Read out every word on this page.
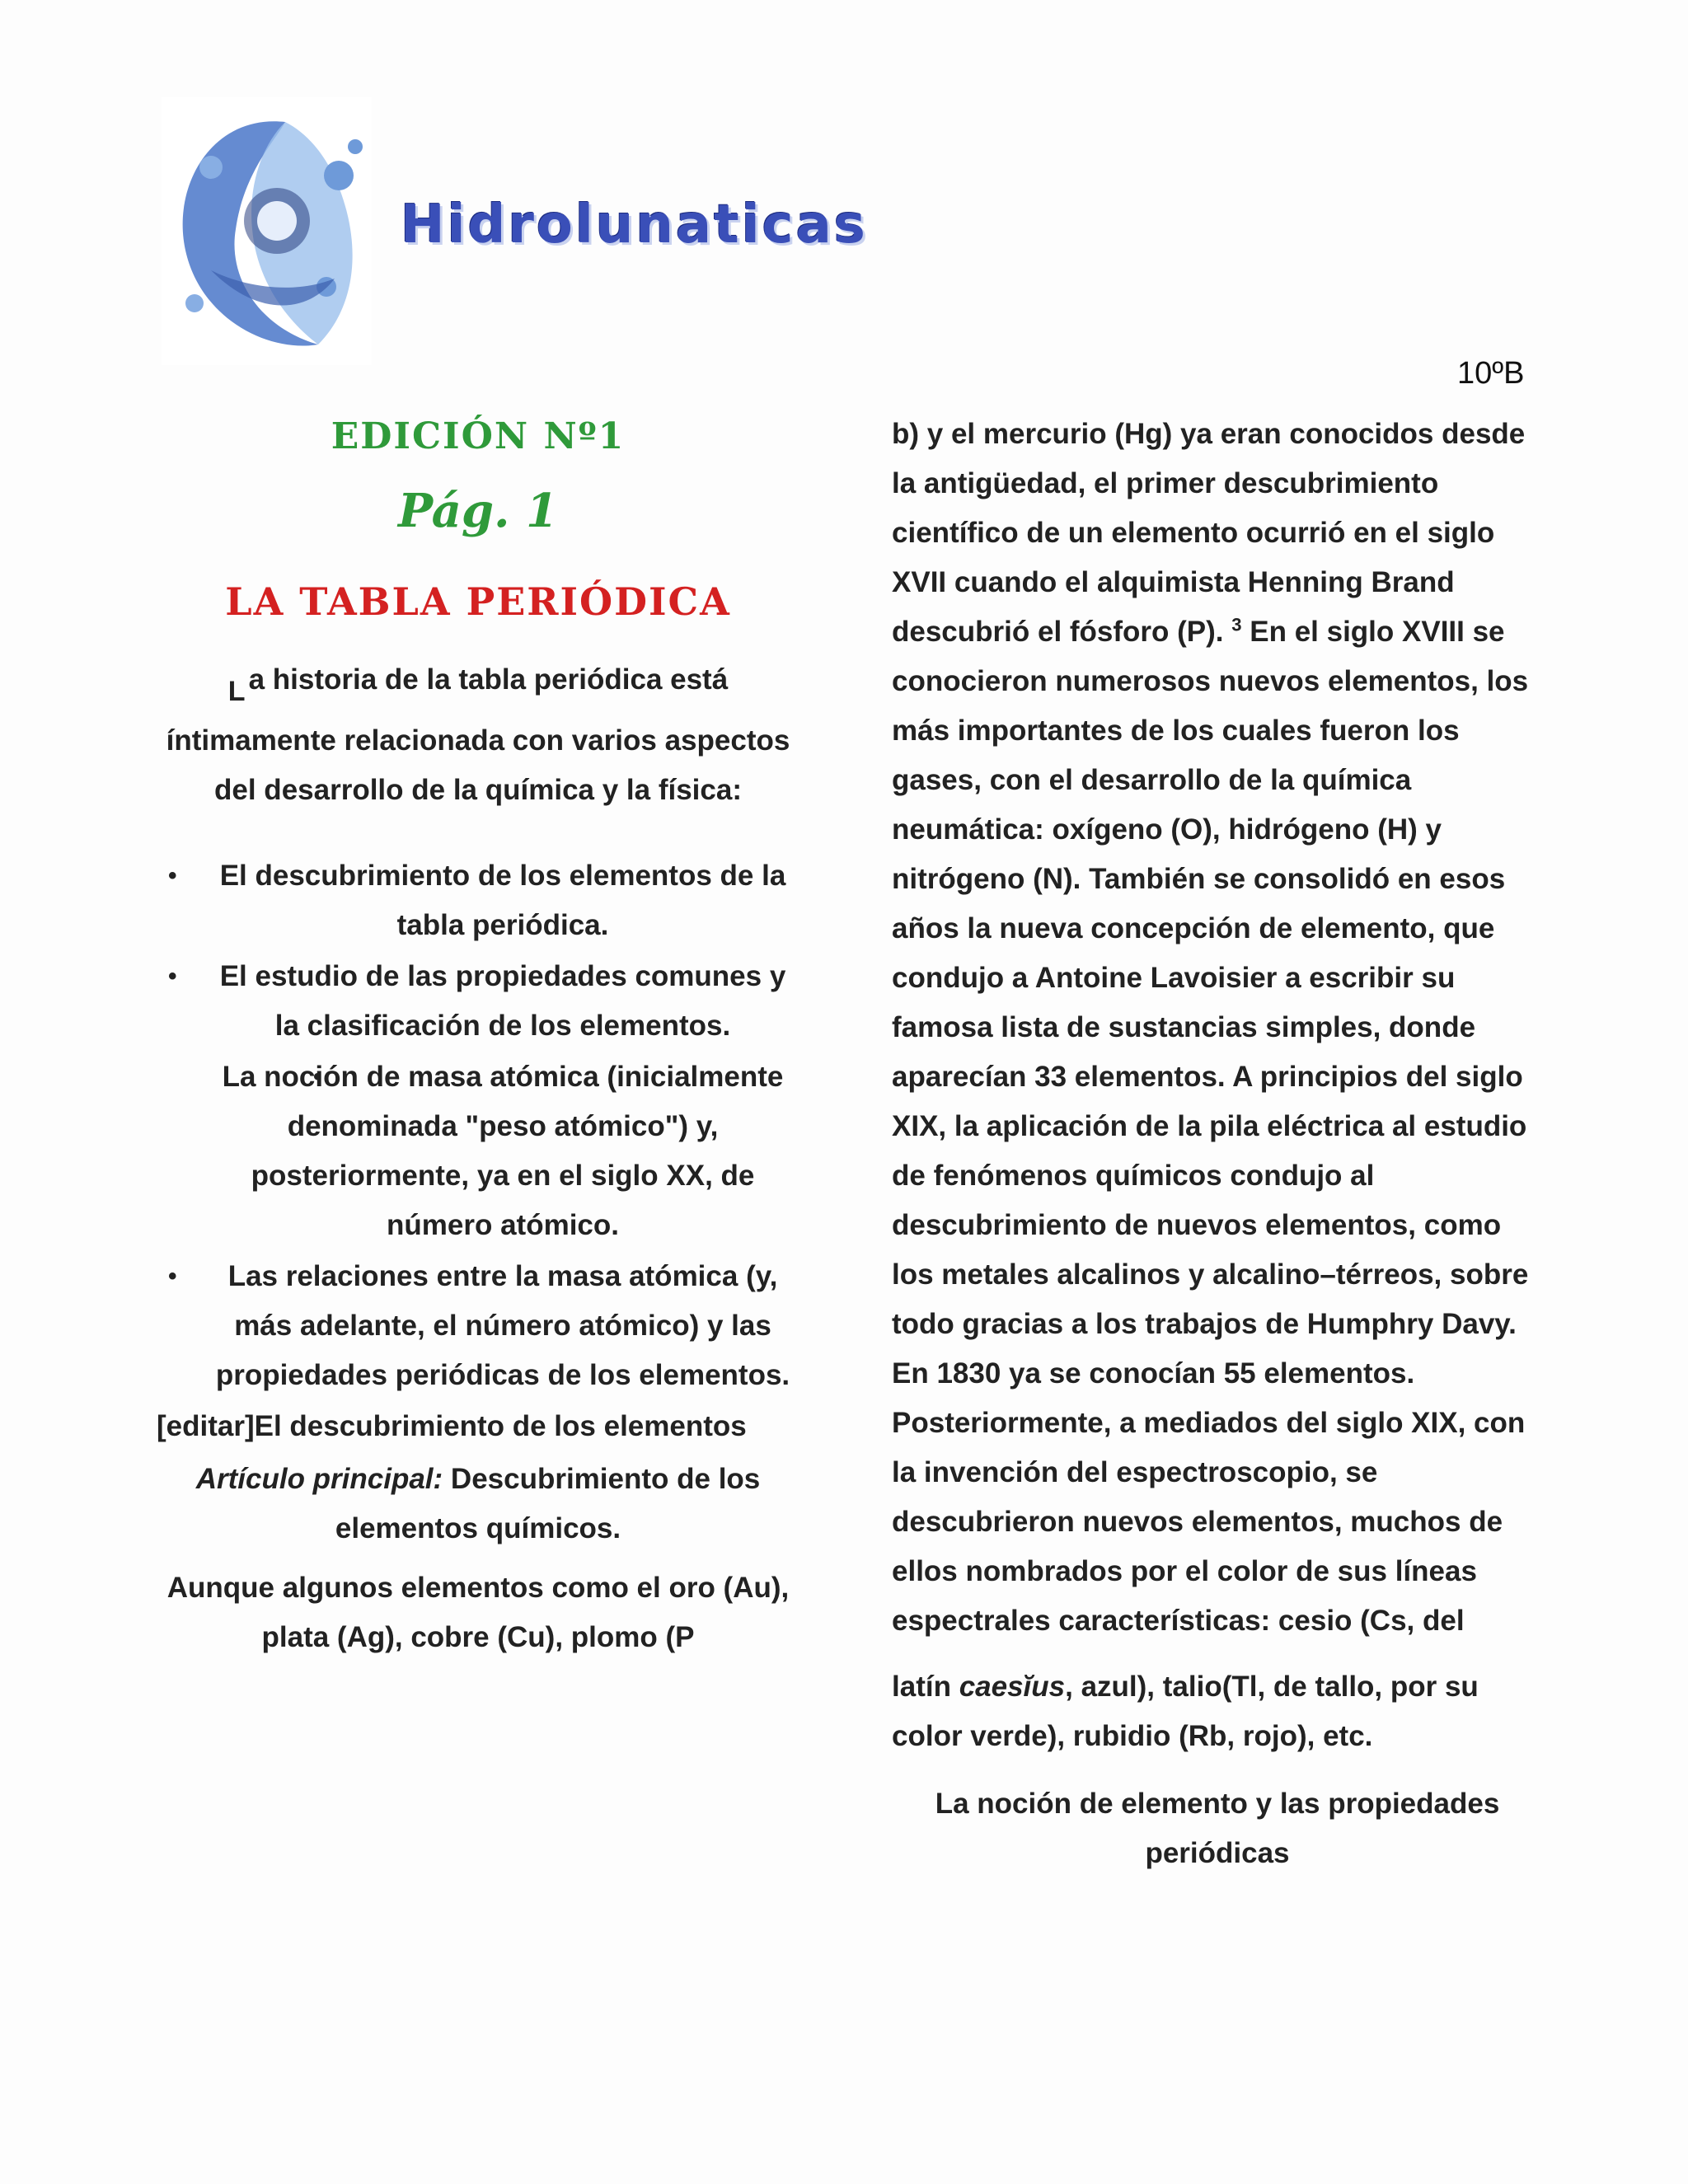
Hidrolunaticas
10ºB
EDICIÓN Nº1
Pág. 1
LA TABLA PERIÓDICA
L a historia de la tabla periódica está íntimamente relacionada con varios aspectos del desarrollo de la química y la física:
• El descubrimiento de los elementos de la tabla periódica.
• El estudio de las propiedades comunes y la clasificación de los elementos.
• La noción de masa atómica (inicialmente denominada "peso atómico") y, posteriormente, ya en el siglo XX, de número atómico.
• Las relaciones entre la masa atómica (y, más adelante, el número atómico) y las propiedades periódicas de los elementos.
[editar]El descubrimiento de los elementos
Artículo principal: Descubrimiento de los elementos químicos.
Aunque algunos elementos como el oro (Au), plata (Ag), cobre (Cu), plomo (P
b) y el mercurio (Hg) ya eran conocidos desde la antigüedad, el primer descubrimiento científico de un elemento ocurrió en el siglo XVII cuando el alquimista Henning Brand descubrió el fósforo (P). $^3$ En el siglo XVIII se conocieron numerosos nuevos elementos, los más importantes de los cuales fueron los gases, con el desarrollo de la química neumática: oxígeno (O), hidrógeno (H) y nitrógeno (N). También se consolidó en esos años la nueva concepción de elemento, que condujo a Antoine Lavoisier a escribir su famosa lista de sustancias simples, donde aparecían 33 elementos. A principios del siglo XIX, la aplicación de la pila eléctrica al estudio de fenómenos químicos condujo al descubrimiento de nuevos elementos, como los metales alcalinos y alcalino–térreos, sobre todo gracias a los trabajos de Humphry Davy. En 1830 ya se conocían 55 elementos. Posteriormente, a mediados del siglo XIX, con la invención del espectroscopio, se descubrieron nuevos elementos, muchos de ellos nombrados por el color de sus líneas espectrales características: cesio (Cs, del
latín caesĭus, azul), talio(Tl, de tallo, por su color verde), rubidio (Rb, rojo), etc.
La noción de elemento y las propiedades periódicas
